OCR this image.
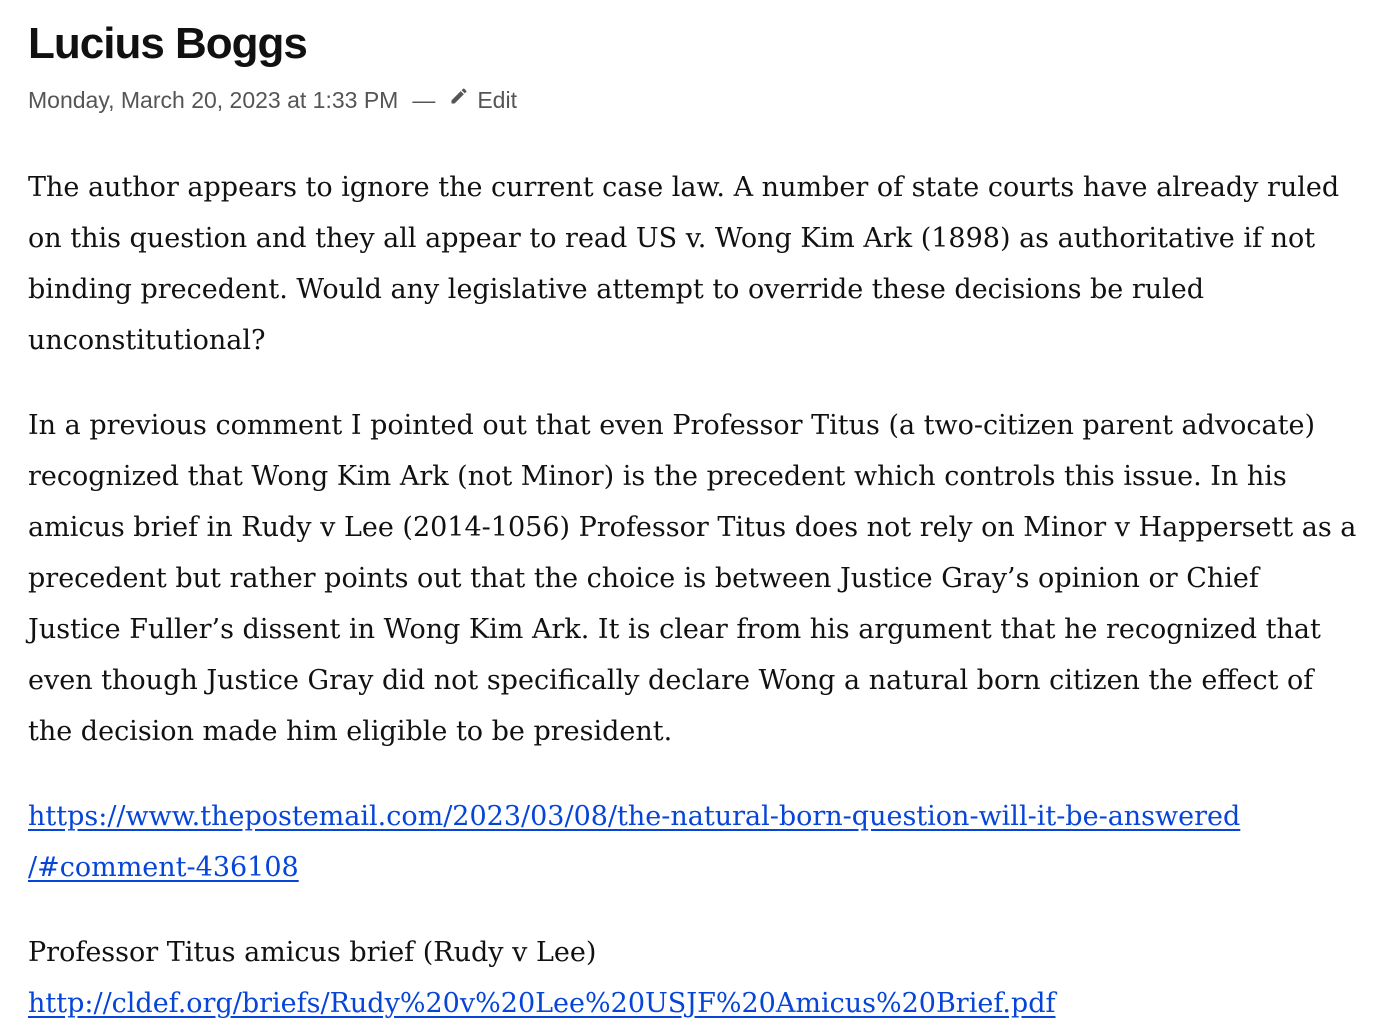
Lucius Boggs
Monday, March 20, 2023 at 1:33 PM — Edit

The author appears to ignore the current case law. A number of state courts have already ruled on this question and they all appear to read US v. Wong Kim Ark (1898) as authoritative if not binding precedent. Would any legislative attempt to override these decisions be ruled unconstitutional?

In a previous comment I pointed out that even Professor Titus (a two-citizen parent advocate) recognized that Wong Kim Ark (not Minor) is the precedent which controls this issue. In his amicus brief in Rudy v Lee (2014-1056) Professor Titus does not rely on Minor v Happersett as a precedent but rather points out that the choice is between Justice Gray’s opinion or Chief Justice Fuller’s dissent in Wong Kim Ark. It is clear from his argument that he recognized that even though Justice Gray did not specifically declare Wong a natural born citizen the effect of the decision made him eligible to be president.

https://www.thepostemail.com/2023/03/08/the-natural-born-question-will-it-be-answered
/#comment-436108

Professor Titus amicus brief (Rudy v Lee)
http://cldef.org/briefs/Rudy%20v%20Lee%20USJF%20Amicus%20Brief.pdf
